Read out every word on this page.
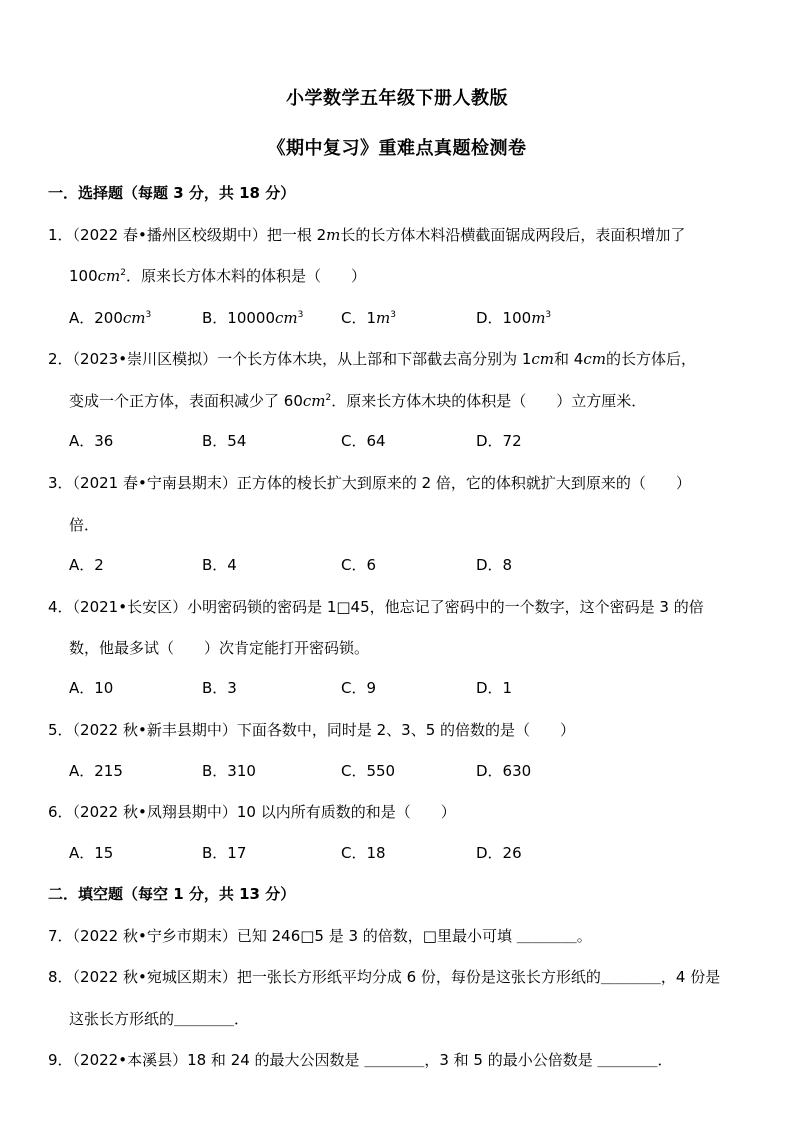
小学数学五年级下册人教版
《期中复习》重难点真题检测卷
一．选择题（每题 3 分，共 18 分）
1．（2022 春•播州区校级期中）把一根 2m长的长方体木料沿横截面锯成两段后，表面积增加了
$100cm^2$．原来长方体木料的体积是（　　）
A．$200cm^3$	B．$10000cm^3$	C．$1m^3$	D．$100m^3$
2．（2023•崇川区模拟）一个长方体木块，从上部和下部截去高分别为 1cm和 4cm的长方体后，
变成一个正方体，表面积减少了 $60cm^2$．原来长方体木块的体积是（　　）立方厘米．
A．36	B．54	C．64	D．72
3．（2021 春•宁南县期末）正方体的棱长扩大到原来的 2 倍，它的体积就扩大到原来的（　　）
倍．
A．2	B．4	C．6	D．8
4．（2021•长安区）小明密码锁的密码是 1□45，他忘记了密码中的一个数字，这个密码是 3 的倍
数，他最多试（　　）次肯定能打开密码锁。
A．10	B．3	C．9	D．1
5．（2022 秋•新丰县期中）下面各数中，同时是 2、3、5 的倍数的是（　　）
A．215	B．310	C．550	D．630
6．（2022 秋•凤翔县期中）10 以内所有质数的和是（　　）
A．15	B．17	C．18	D．26
二．填空题（每空 1 分，共 13 分）
7．（2022 秋•宁乡市期末）已知 246□5 是 3 的倍数，□里最小可填 ＿＿＿＿。
8．（2022 秋•宛城区期末）把一张长方形纸平均分成 6 份，每份是这张长方形纸的＿＿＿＿，4 份是
这张长方形纸的＿＿＿＿．
9．（2022•本溪县）18 和 24 的最大公因数是 ＿＿＿＿，3 和 5 的最小公倍数是 ＿＿＿＿．
